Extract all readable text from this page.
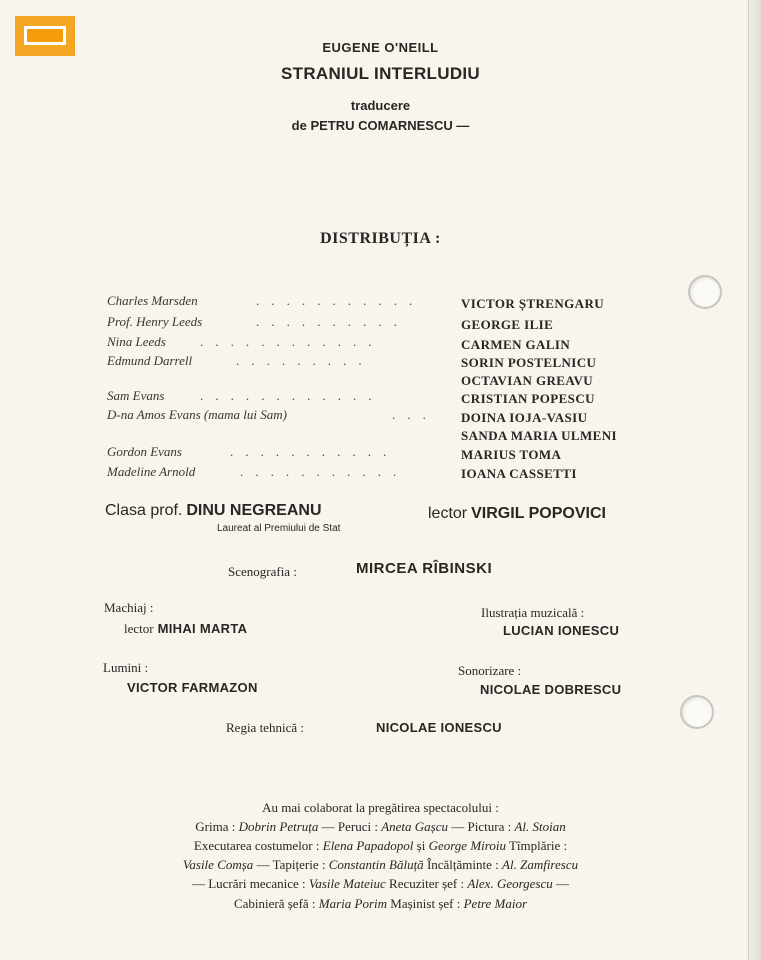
EUGENE O'NEILL
STRANIUL INTERLUDIU
traducere
de PETRU COMARNESCU —
DISTRIBUȚIA :
Charles Marsden	. . . . . . . . . . .	VICTOR ȘTRENGARU
Prof. Henry Leeds	. . . . . . . . . .	GEORGE ILIE
Nina Leeds	. . . . . . . . . . . .	CARMEN GALIN
Edmund Darrell	. . . . . . . . .	SORIN POSTELNICU
OCTAVIAN GREAVU
Sam Evans	. . . . . . . . . . . .	CRISTIAN POPESCU
D-na Amos Evans (mama lui Sam)	. . . DOINA IOJA-VASIU
SANDA MARIA ULMENI
Gordon Evans	. . . . . . . . . . .	MARIUS TOMA
Madeline Arnold	. . . . . . . . . . .	IOANA CASSETTI
Clasa prof. DINU NEGREANU
Laureat al Premiului de Stat
lector VIRGIL POPOVICI
Scenografia :	MIRCEA RÎBINSKI
Machiaj :
lector MIHAI MARTA
Ilustrația muzicală :
LUCIAN IONESCU
Lumini :
VICTOR FARMAZON
Sonorizare :
NICOLAE DOBRESCU
Regia tehnică :	NICOLAE IONESCU
Au mai colaborat la pregătirea spectacolului :
Grima : Dobrin Petruța — Peruci : Aneta Gașcu — Pictura : Al. Stoian
Executarea costumelor : Elena Papadopol și George Miroiu Tîmplărie :
Vasile Comșa — Tapițerie : Constantin Băluță Încălțăminte : Al. Zamfirescu
— Lucrări mecanice : Vasile Mateiuc Recuziter șef : Alex. Georgescu —
Cabinieră șefă : Maria Porim Mașinist șef : Petre Maior
